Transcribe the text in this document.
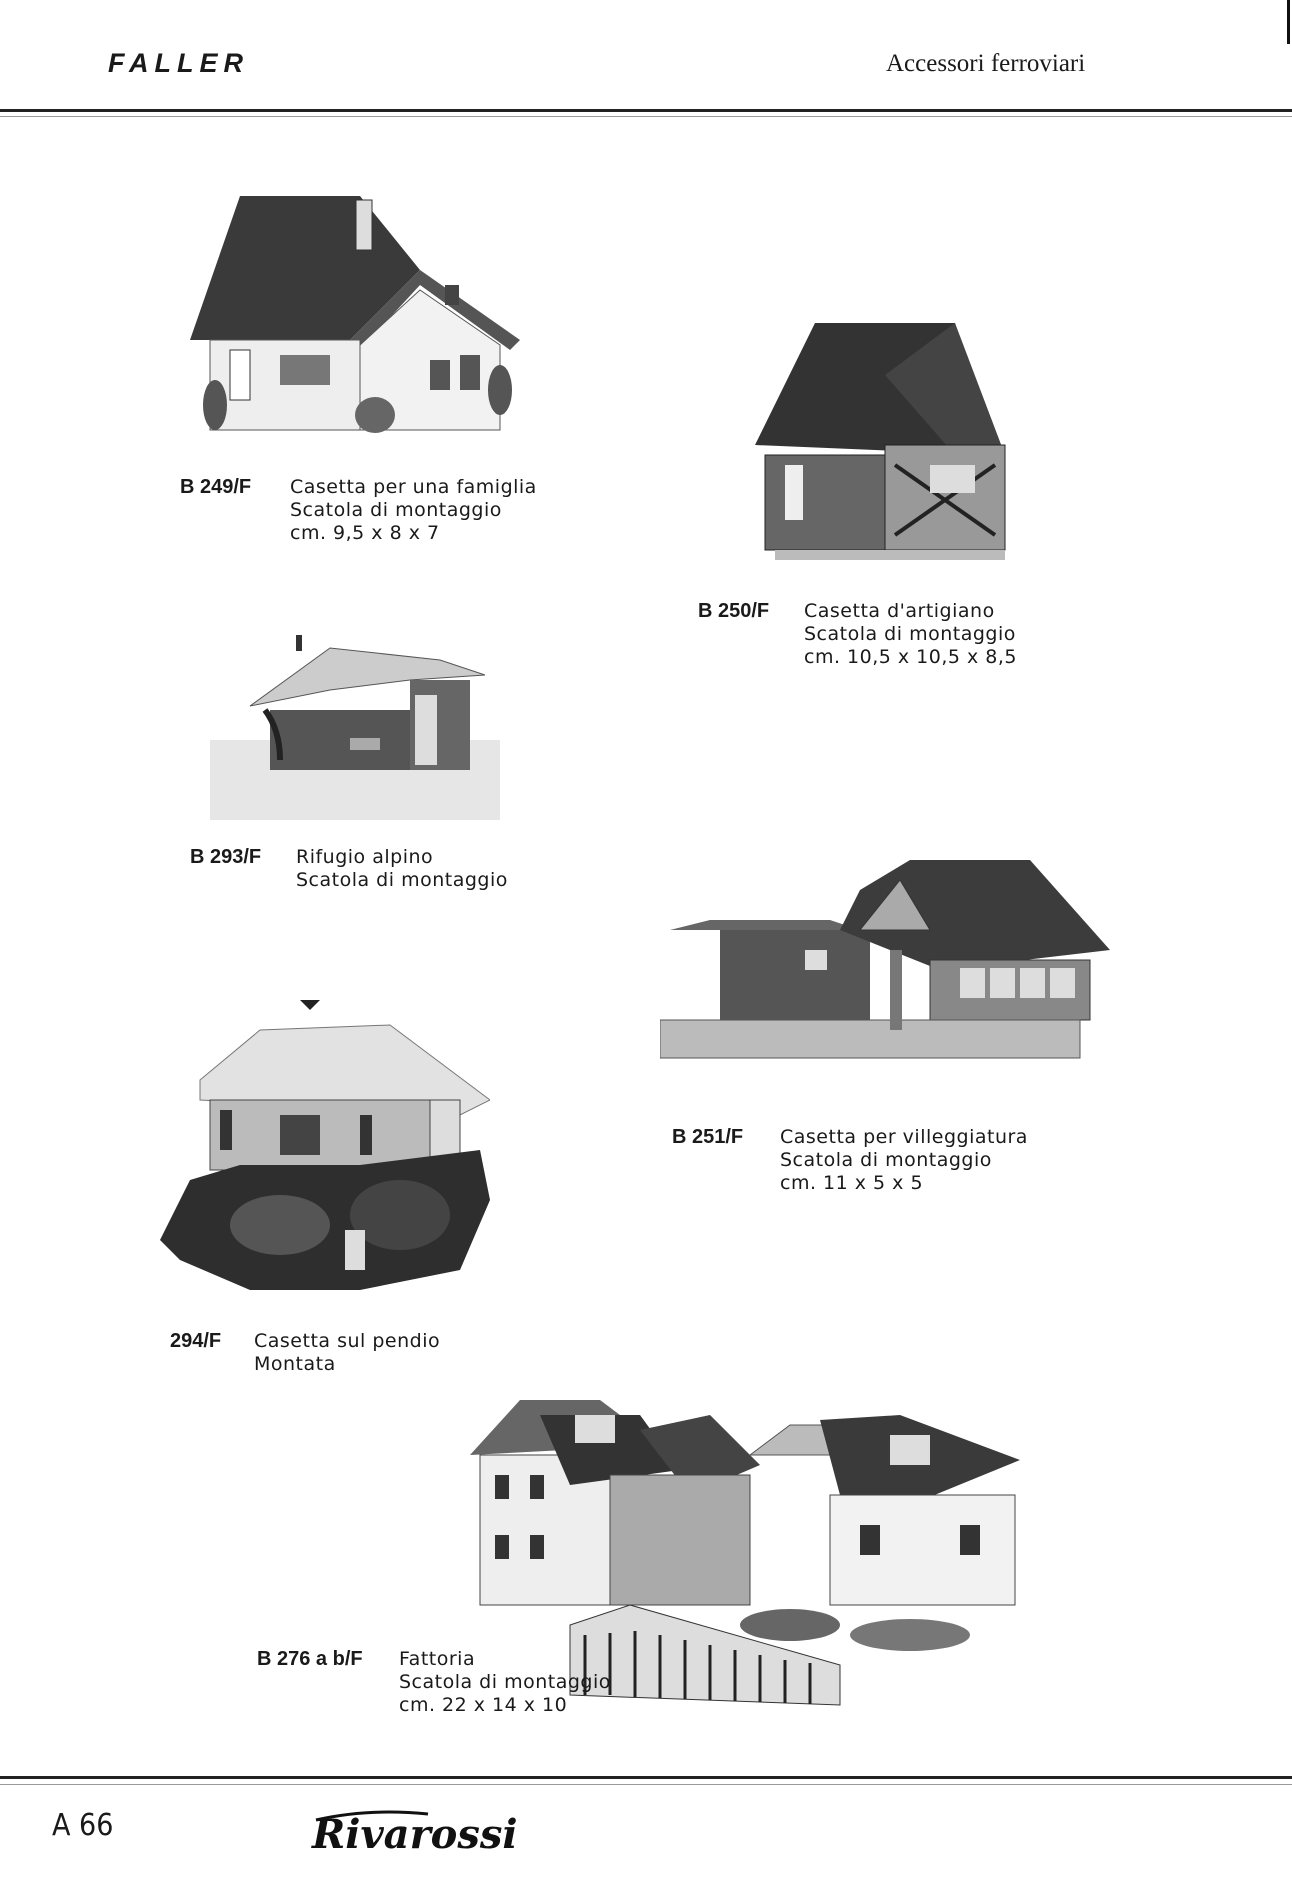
FALLER	Accessori ferroviari
B 249/F Casetta per una famiglia
Scatola di montaggio
cm. 9,5 x 8 x 7
B 250/F Casetta d'artigiano
Scatola di montaggio
cm. 10,5 x 10,5 x 8,5
B 293/F Rifugio alpino
Scatola di montaggio
B 251/F Casetta per villeggiatura
Scatola di montaggio
cm. 11 x 5 x 5
294/F Casetta sul pendio
Montata
B 276 a b/F Fattoria
Scatola di montaggio
cm. 22 x 14 x 10
A 66	Rivarossi
